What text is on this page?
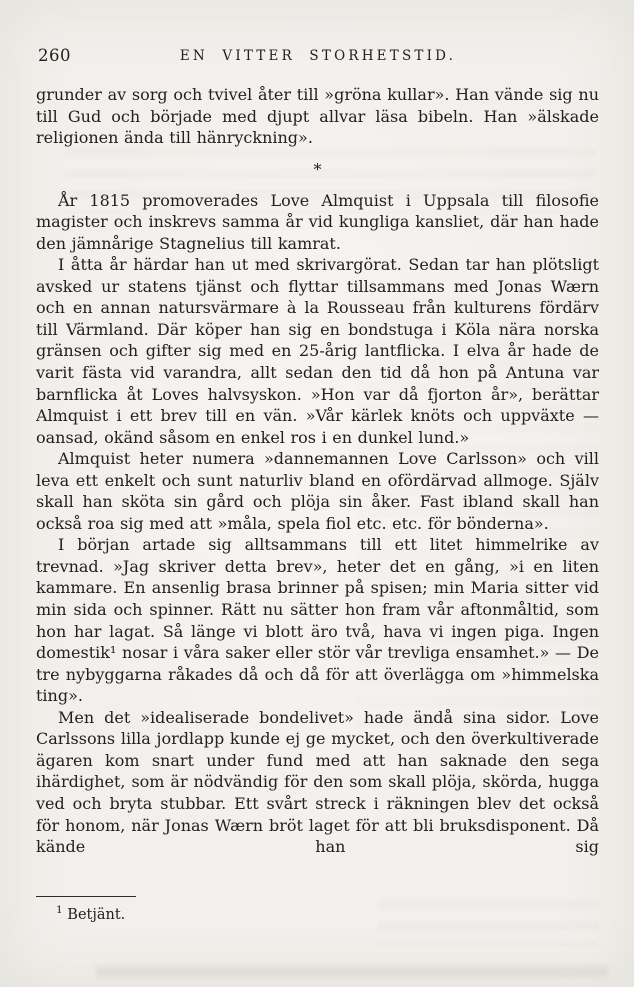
260	EN VITTER STORHETSTID.

grunder av sorg och tvivel åter till »gröna kullar». Han vände sig nu till Gud och började med djupt allvar läsa bibeln. Han »älskade religionen ända till hänryckning».

*

År 1815 promoverades Love Almquist i Uppsala till filosofie magister och inskrevs samma år vid kungliga kansliet, där han hade den jämnårige Stagnelius till kamrat.

I åtta år härdar han ut med skrivargörat. Sedan tar han plötsligt avsked ur statens tjänst och flyttar tillsammans med Jonas Wærn och en annan natursvärmare à la Rousseau från kulturens fördärv till Värmland. Där köper han sig en bondstuga i Köla nära norska gränsen och gifter sig med en 25-årig lantflicka. I elva år hade de varit fästa vid varandra, allt sedan den tid då hon på Antuna var barnflicka åt Loves halvsyskon. »Hon var då fjorton år», berättar Almquist i ett brev till en vän. »Vår kärlek knöts och uppväxte — oansad, okänd såsom en enkel ros i en dunkel lund.»

Almquist heter numera »dannemannen Love Carlsson» och vill leva ett enkelt och sunt naturliv bland en ofördärvad allmoge. Själv skall han sköta sin gård och plöja sin åker. Fast ibland skall han också roa sig med att »måla, spela fiol etc. etc. för bönderna».

I början artade sig alltsammans till ett litet himmelrike av trevnad. »Jag skriver detta brev», heter det en gång, »i en liten kammare. En ansenlig brasa brinner på spisen; min Maria sitter vid min sida och spinner. Rätt nu sätter hon fram vår aftonmåltid, som hon har lagat. Så länge vi blott äro två, hava vi ingen piga. Ingen domestik¹ nosar i våra saker eller stör vår trevliga ensamhet.» — De tre nybyggarna råkades då och då för att överlägga om »himmelska ting».

Men det »idealiserade bondelivet» hade ändå sina sidor. Love Carlssons lilla jordlapp kunde ej ge mycket, och den överkultiverade ägaren kom snart under fund med att han saknade den sega ihärdighet, som är nödvändig för den som skall plöja, skörda, hugga ved och bryta stubbar. Ett svårt streck i räkningen blev det också för honom, när Jonas Wærn bröt laget för att bli bruksdisponent. Då kände han sig

$^1$ Betjänt.
